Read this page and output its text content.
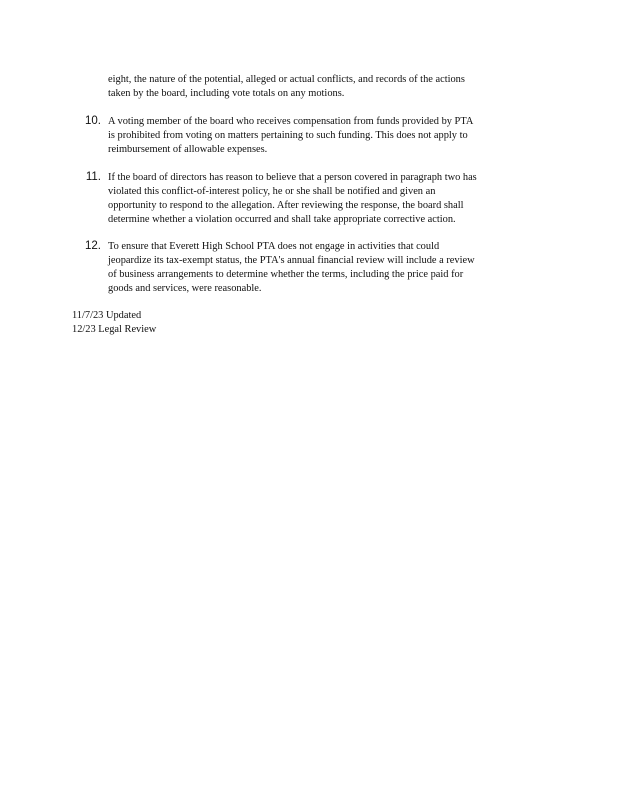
eight, the nature of the potential, alleged or actual conflicts, and records of the actions
taken by the board, including vote totals on any motions.
10. A voting member of the board who receives compensation from funds provided by PTA
is prohibited from voting on matters pertaining to such funding. This does not apply to
reimbursement of allowable expenses.
11. If the board of directors has reason to believe that a person covered in paragraph two has
violated this conflict-of-interest policy, he or she shall be notified and given an
opportunity to respond to the allegation. After reviewing the response, the board shall
determine whether a violation occurred and shall take appropriate corrective action.
12. To ensure that Everett High School PTA does not engage in activities that could
jeopardize its tax-exempt status, the PTA's annual financial review will include a review
of business arrangements to determine whether the terms, including the price paid for
goods and services, were reasonable.
11/7/23 Updated
12/23 Legal Review
